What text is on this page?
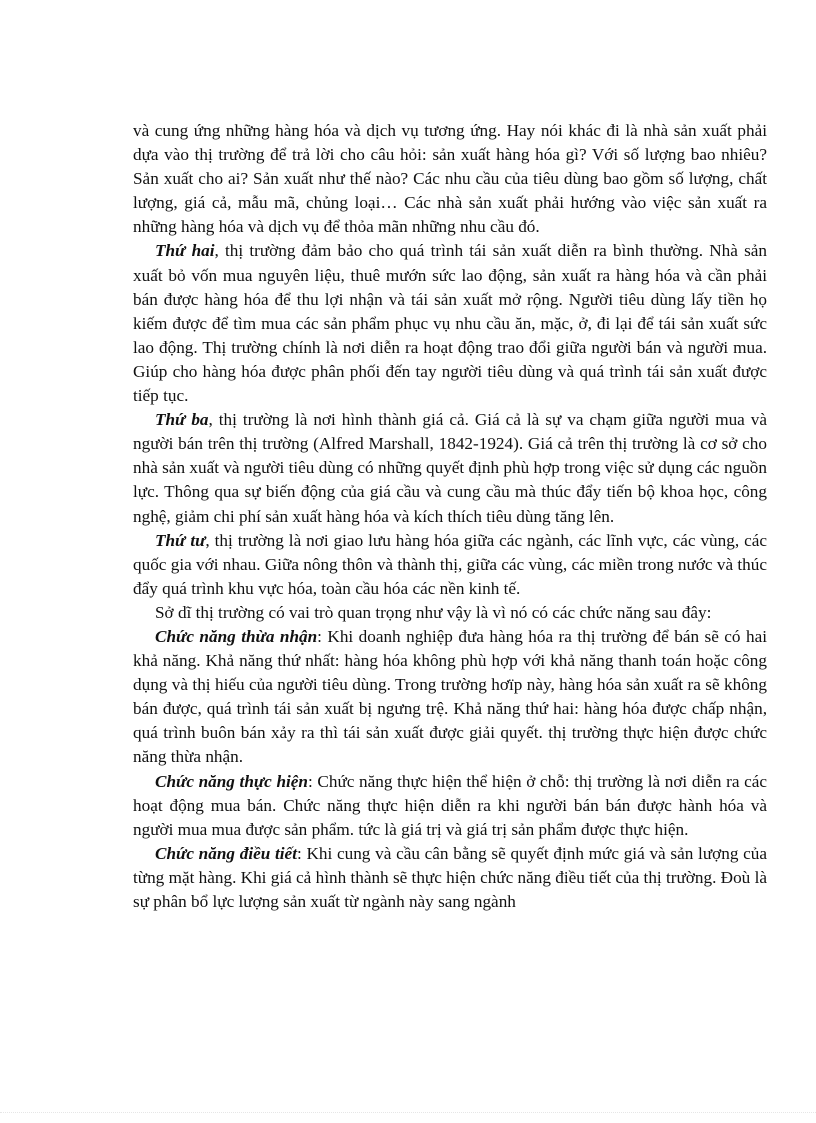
và cung ứng những hàng hóa và dịch vụ tương ứng. Hay nói khác đi là nhà sản xuất phải dựa vào thị trường để trả lời cho câu hỏi: sản xuất hàng hóa gì? Với số lượng bao nhiêu? Sản xuất cho ai? Sản xuất như thế nào? Các nhu cầu của tiêu dùng bao gồm số lượng, chất lượng, giá cả, mẫu mã, chủng loại… Các nhà sản xuất phải hướng vào việc sản xuất ra những hàng hóa và dịch vụ để thỏa mãn những nhu cầu đó.

Thứ hai, thị trường đảm bảo cho quá trình tái sản xuất diễn ra bình thường. Nhà sản xuất bỏ vốn mua nguyên liệu, thuê mướn sức lao động, sản xuất ra hàng hóa và cần phải bán được hàng hóa để thu lợi nhận và tái sản xuất mở rộng. Người tiêu dùng lấy tiền họ kiếm được để tìm mua các sản phẩm phục vụ nhu cầu ăn, mặc, ở, đi lại để tái sản xuất sức lao động. Thị trường chính là nơi diễn ra hoạt động trao đổi giữa người bán và người mua. Giúp cho hàng hóa được phân phối đến tay người tiêu dùng và quá trình tái sản xuất được tiếp tục.

Thứ ba, thị trường là nơi hình thành giá cả. Giá cả là sự va chạm giữa người mua và người bán trên thị trường (Alfred Marshall, 1842-1924). Giá cả trên thị trường là cơ sở cho nhà sản xuất và người tiêu dùng có những quyết định phù hợp trong việc sử dụng các nguồn lực. Thông qua sự biến động của giá cầu và cung cầu mà thúc đẩy tiến bộ khoa học, công nghệ, giảm chi phí sản xuất hàng hóa và kích thích tiêu dùng tăng lên.

Thứ tư, thị trường là nơi giao lưu hàng hóa giữa các ngành, các lĩnh vực, các vùng, các quốc gia với nhau. Giữa nông thôn và thành thị, giữa các vùng, các miền trong nước và thúc đẩy quá trình khu vực hóa, toàn cầu hóa các nền kinh tế.

Sở dĩ thị trường có vai trò quan trọng như vậy là vì nó có các chức năng sau đây:

Chức năng thừa nhận: Khi doanh nghiệp đưa hàng hóa ra thị trường để bán sẽ có hai khả năng. Khả năng thứ nhất: hàng hóa không phù hợp với khả năng thanh toán hoặc công dụng và thị hiếu của người tiêu dùng. Trong trường hơïp này, hàng hóa sản xuất ra sẽ không bán được, quá trình tái sản xuất bị ngưng trệ. Khả năng thứ hai: hàng hóa được chấp nhận, quá trình buôn bán xảy ra thì tái sản xuất được giải quyết. thị trường thực hiện được chức năng thừa nhận.

Chức năng thực hiện: Chức năng thực hiện thể hiện ở chỗ: thị trường là nơi diễn ra các hoạt động mua bán. Chức năng thực hiện diễn ra khi người bán bán được hành hóa và người mua mua được sản phẩm. tức là giá trị và giá trị sản phẩm được thực hiện.

Chức năng điều tiết: Khi cung và cầu cân bằng sẽ quyết định mức giá và sản lượng của từng mặt hàng. Khi giá cả hình thành sẽ thực hiện chức năng điều tiết của thị trường. Đoù là sự phân bổ lực lượng sản xuất từ ngành này sang ngành
